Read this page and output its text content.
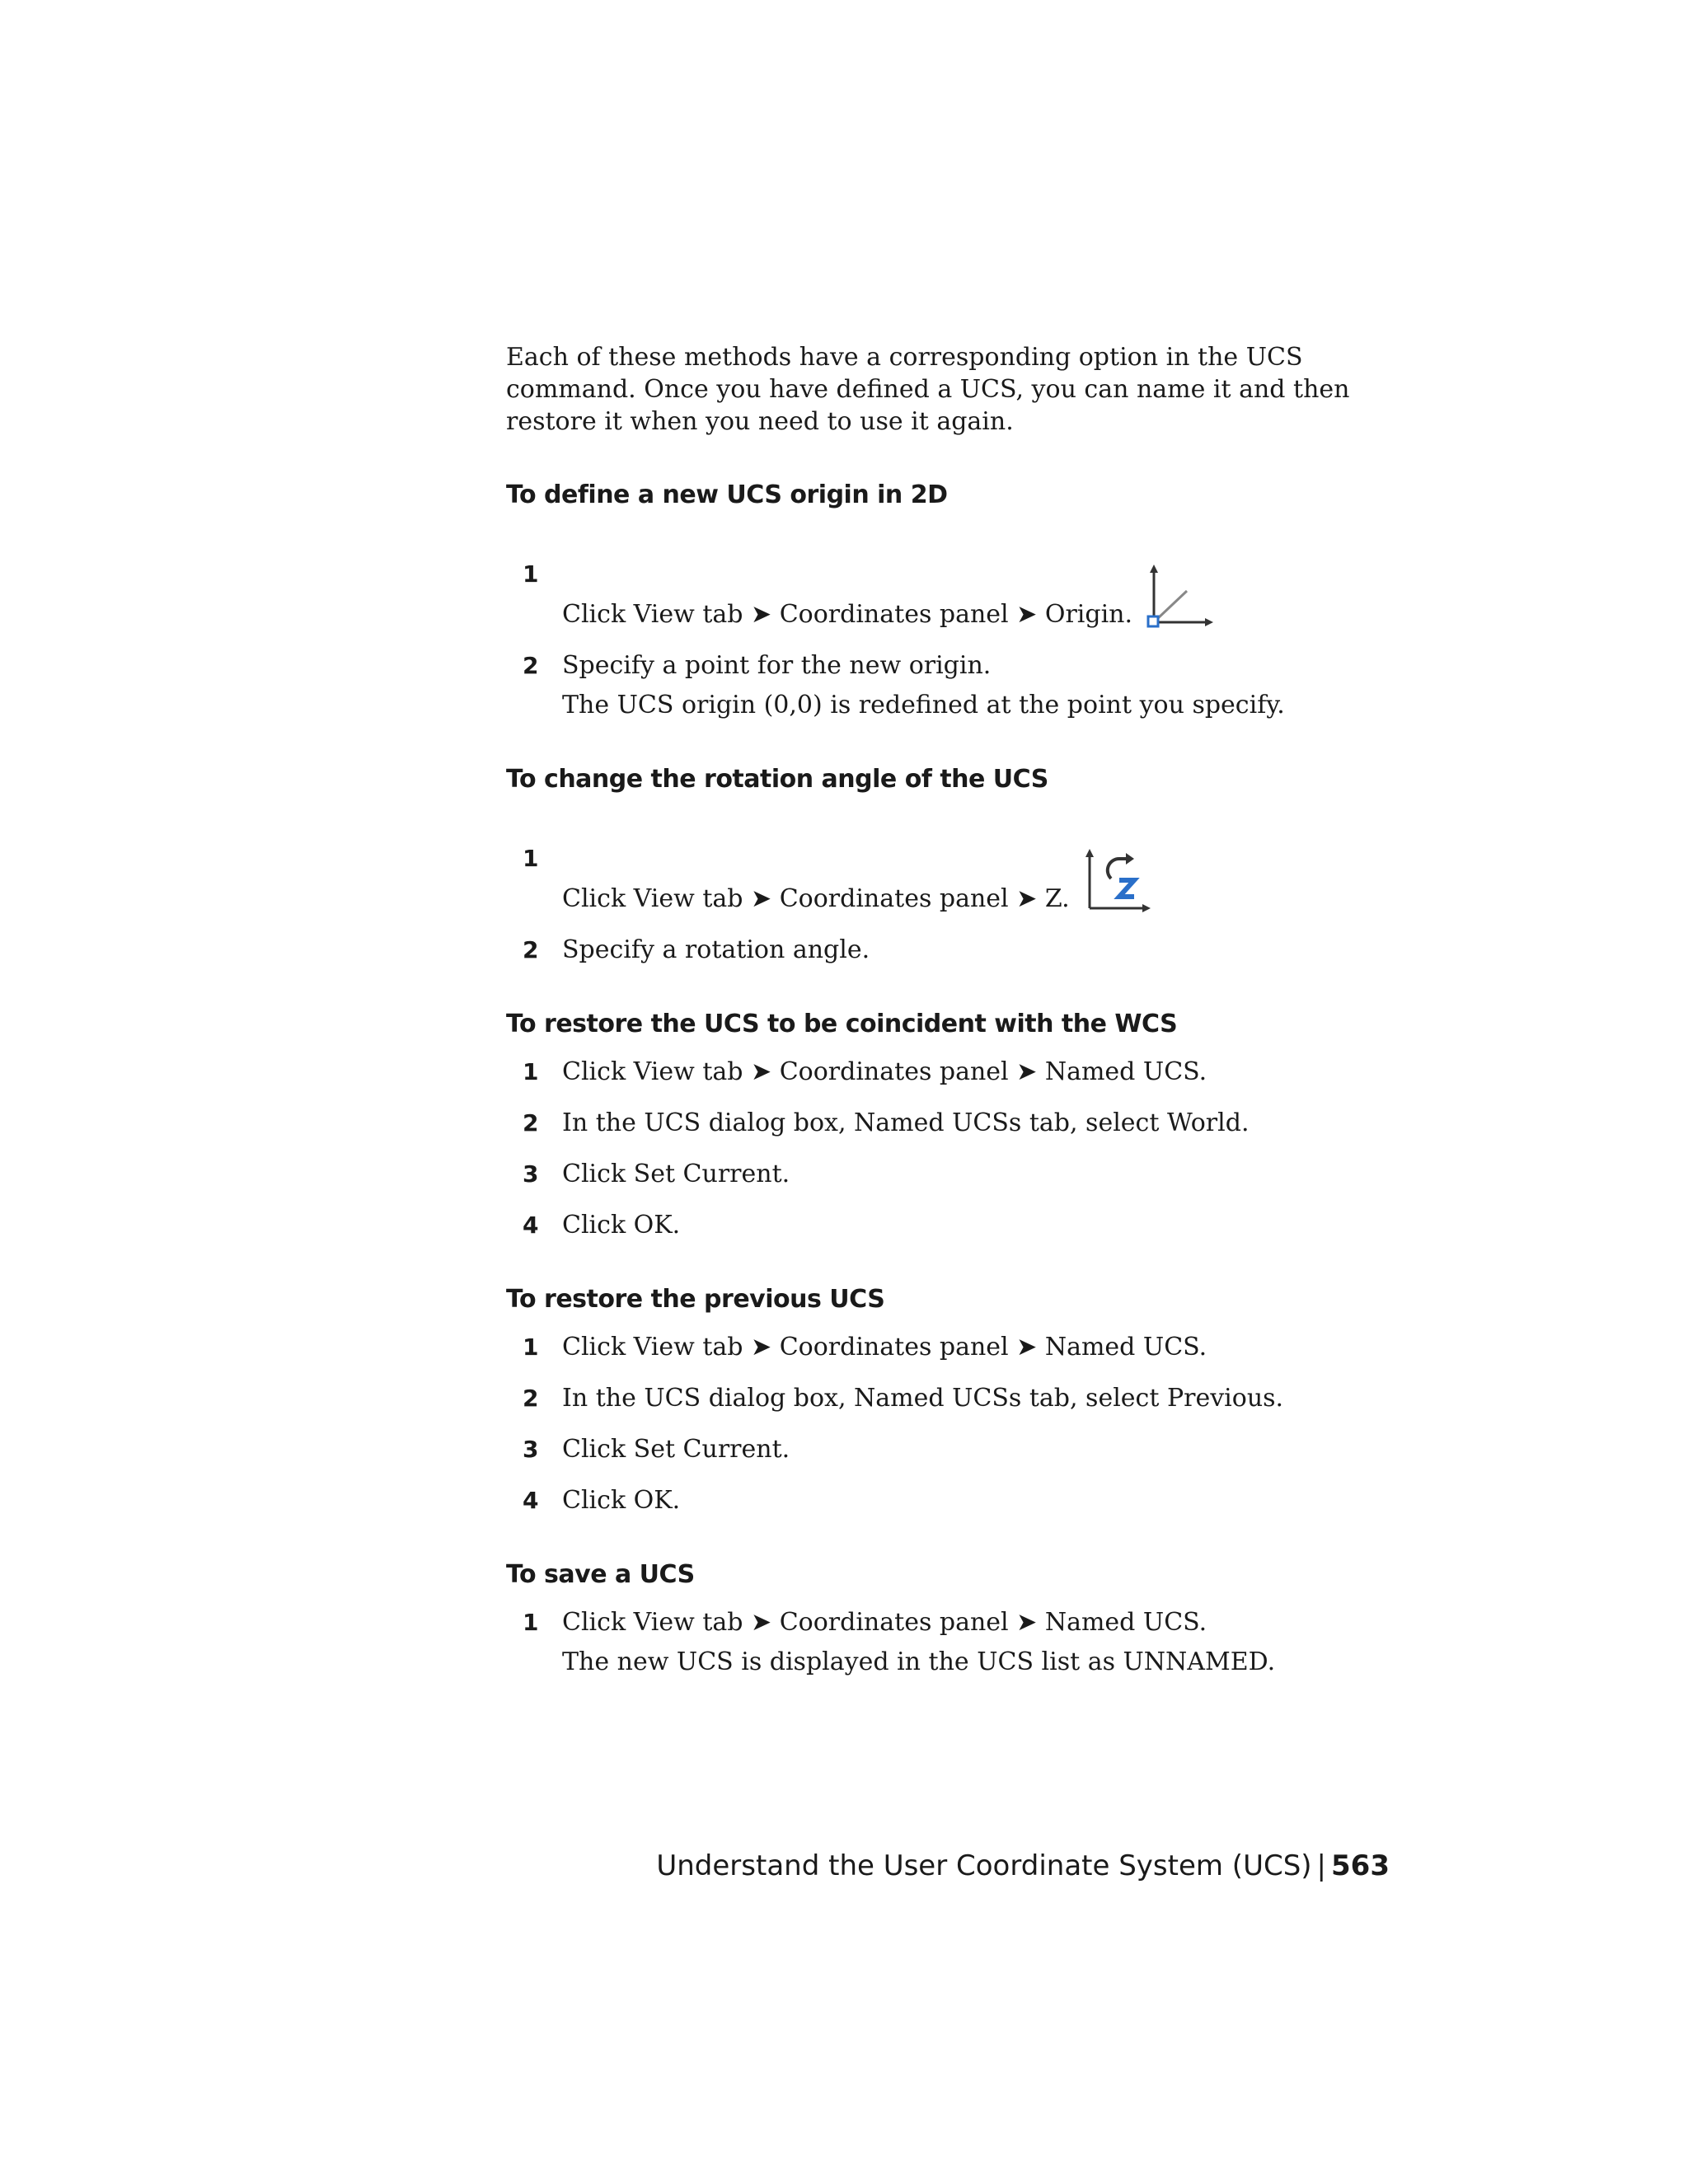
Each of these methods have a corresponding option in the UCS command. Once you have defined a UCS, you can name it and then restore it when you need to use it again.

To define a new UCS origin in 2D
1
Click View tab ➤ Coordinates panel ➤ Origin.
2 Specify a point for the new origin.
The UCS origin (0,0) is redefined at the point you specify.
To change the rotation angle of the UCS
1
Click View tab ➤ Coordinates panel ➤ Z.
2 Specify a rotation angle.
To restore the UCS to be coincident with the WCS
1 Click View tab ➤ Coordinates panel ➤ Named UCS.
2 In the UCS dialog box, Named UCSs tab, select World.
3 Click Set Current.
4 Click OK.
To restore the previous UCS
1 Click View tab ➤ Coordinates panel ➤ Named UCS.
2 In the UCS dialog box, Named UCSs tab, select Previous.
3 Click Set Current.
4 Click OK.
To save a UCS
1 Click View tab ➤ Coordinates panel ➤ Named UCS.
The new UCS is displayed in the UCS list as UNNAMED.
Understand the User Coordinate System (UCS) | 563
